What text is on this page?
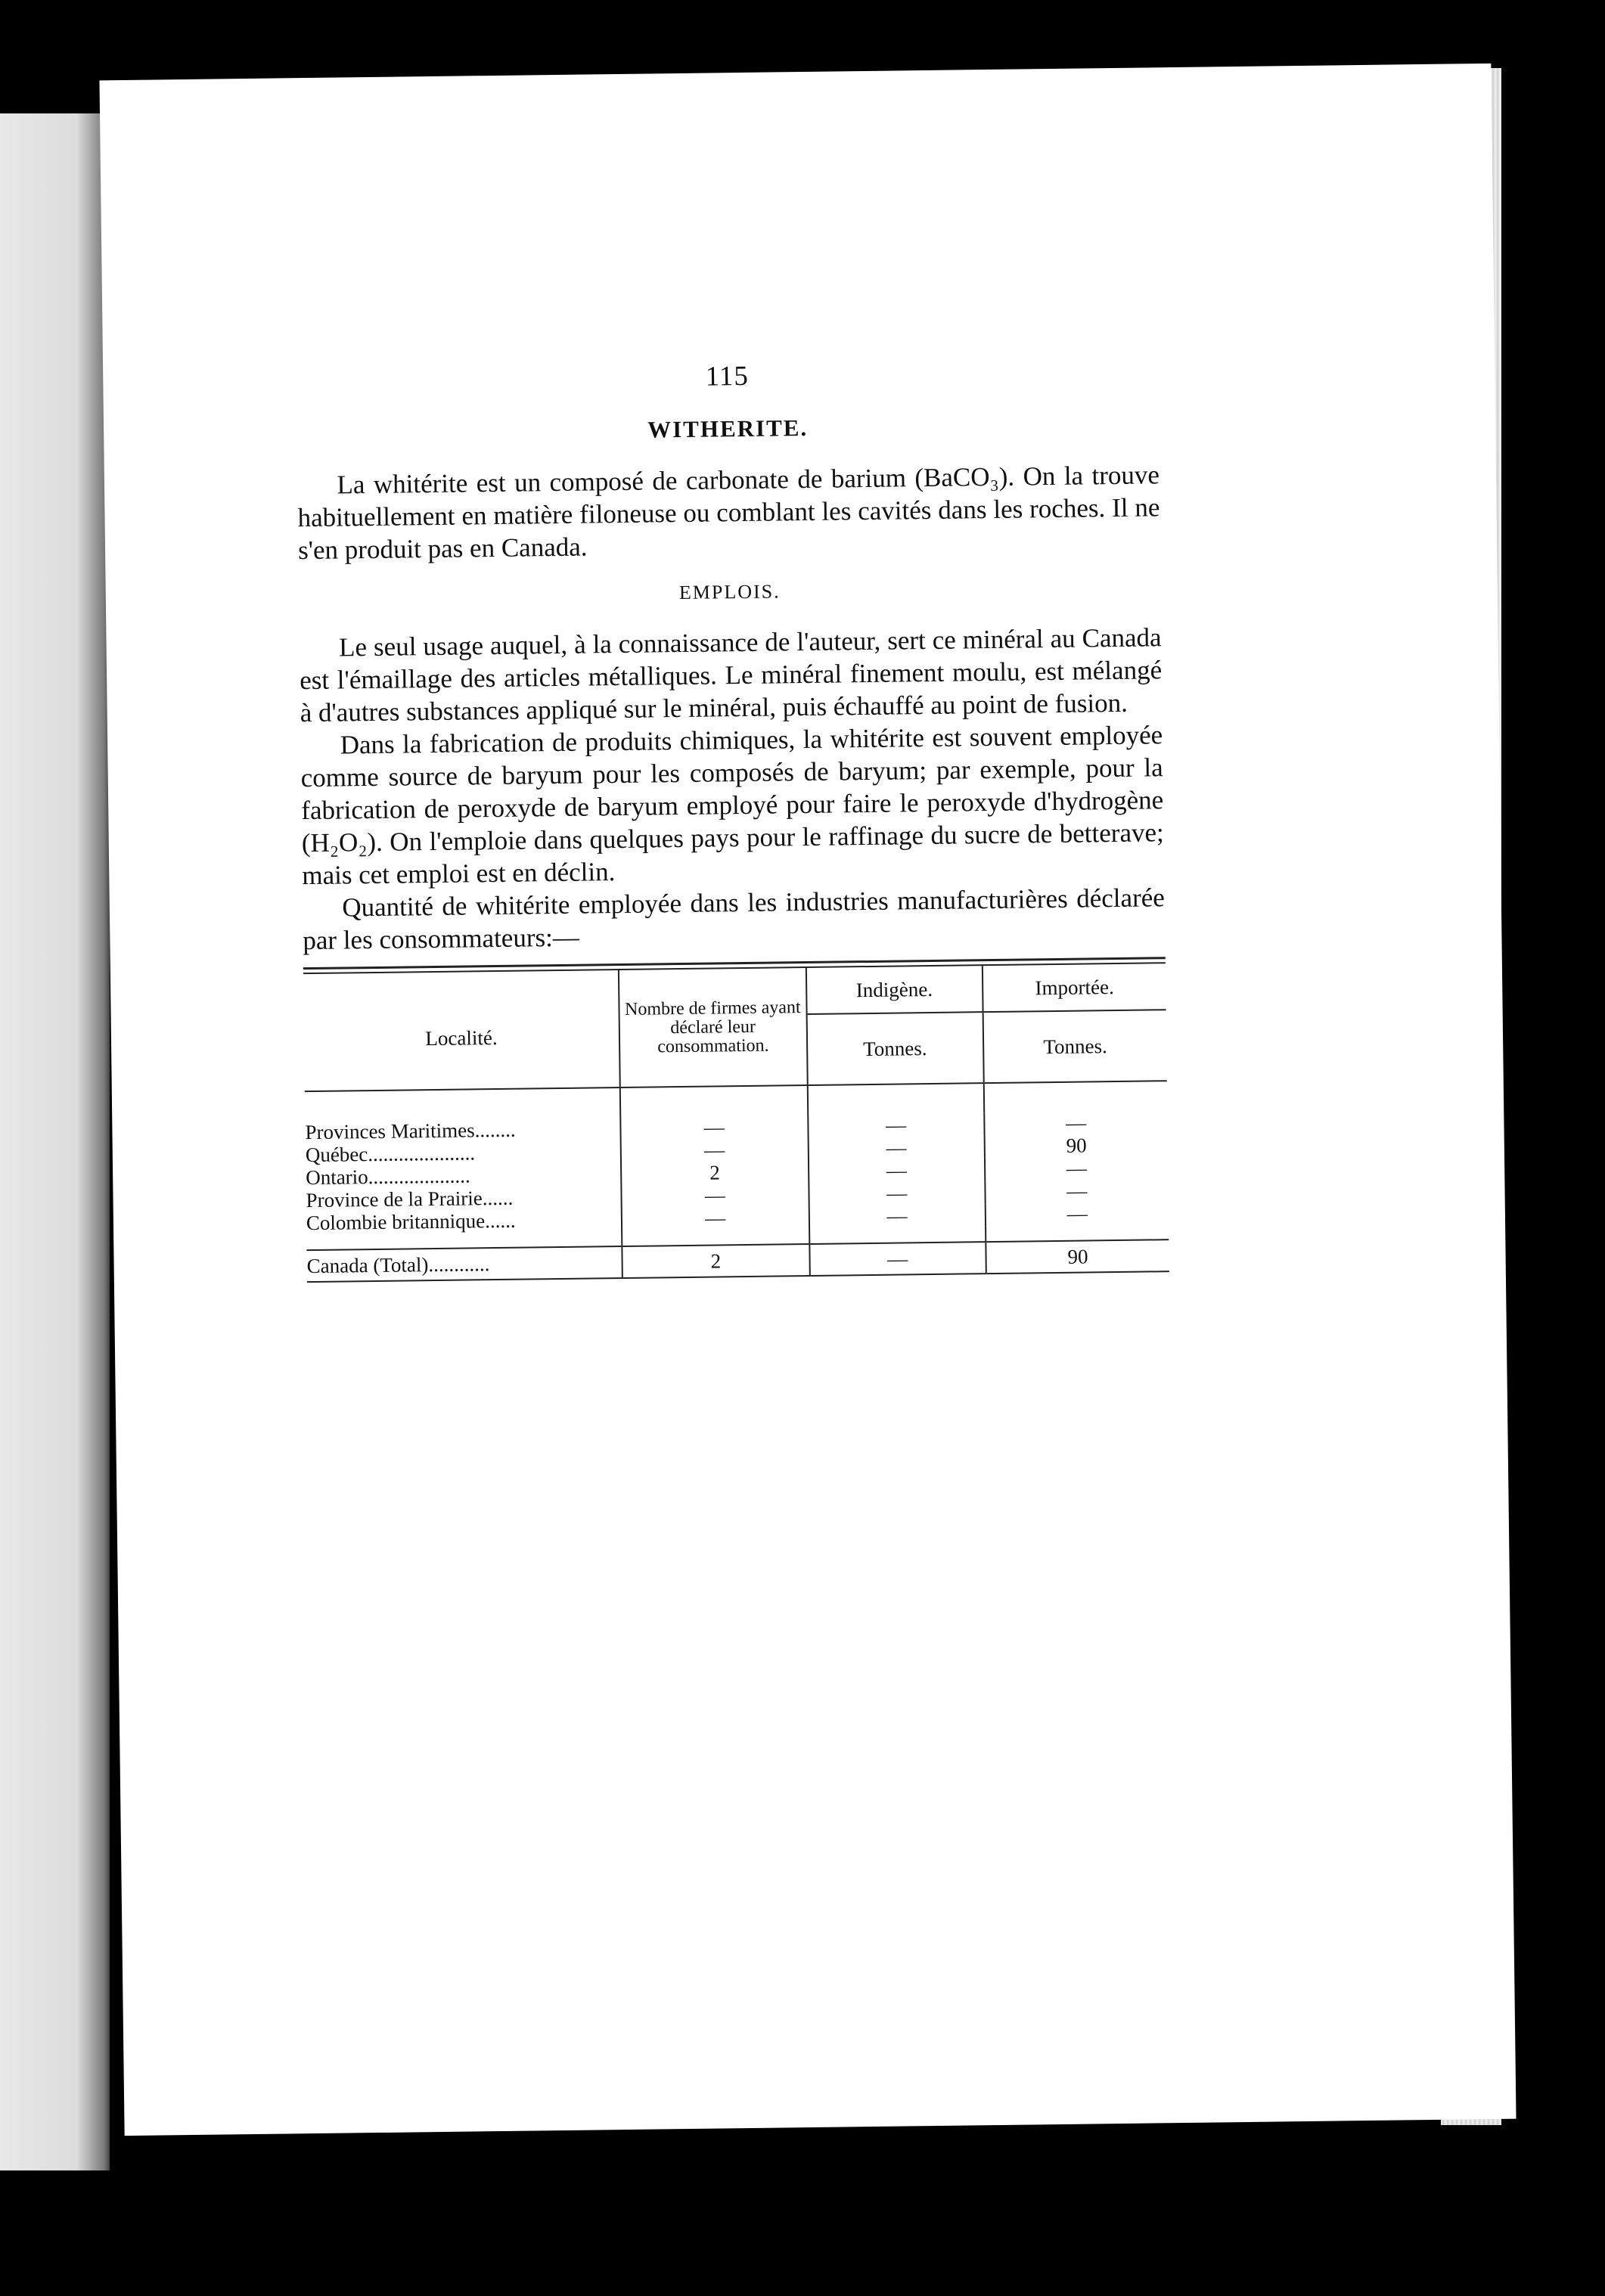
115
WITHERITE.

La whitérite est un composé de carbonate de barium (BaCO₃). On la trouve habituellement en matière filoneuse ou comblant les cavités dans les roches. Il ne s'en produit pas en Canada.

EMPLOIS.

Le seul usage auquel, à la connaissance de l'auteur, sert ce minéral au Canada est l'émaillage des articles métalliques. Le minéral finement moulu, est mélangé à d'autres substances appliqué sur le minéral, puis échauffé au point de fusion.

Dans la fabrication de produits chimiques, la whitérite est souvent employée comme source de baryum pour les composés de baryum; par exemple, pour la fabrication de peroxyde de baryum employé pour faire le peroxyde d'hydrogène (H₂O₂). On l'emploie dans quelques pays pour le raffinage du sucre de betterave; mais cet emploi est en déclin.

Quantité de whitérite employée dans les industries manufacturières déclarée par les consommateurs:—

Localité.	Nombre de firmes ayant déclaré leur consommation.	Indigène.	Importée.
		Tonnes.	Tonnes.

Provinces Maritimes........	—	—	—
Québec.....................	—	—	90
Ontario....................	2	—	—
Province de la Prairie......	—	—	—
Colombie britannique......	—	—	—

Canada (Total)............	2	—	90
